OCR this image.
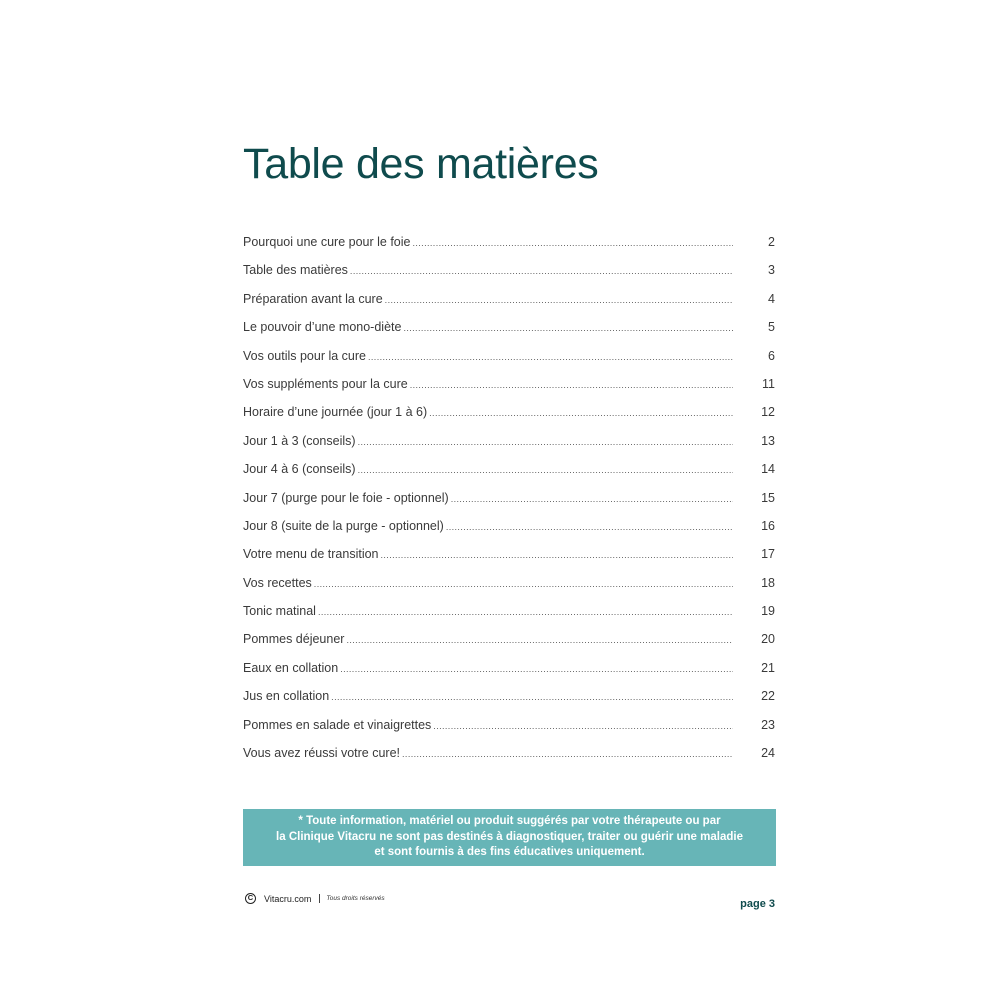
Table des matières
Pourquoi une cure pour le foie .....	2
Table des matières .....	3
Préparation avant la cure .....	4
Le pouvoir d’une mono-diète .....	5
Vos outils pour la cure .....	6
Vos suppléments pour la cure .....	11
Horaire d’une journée (jour 1 à 6) .....	12
Jour 1 à 3 (conseils) .....	13
Jour 4 à 6 (conseils) .....	14
Jour 7 (purge pour le foie - optionnel) .....	15
Jour 8 (suite de la purge - optionnel) .....	16
Votre menu de transition .....	17
Vos recettes .....	18
Tonic matinal .....	19
Pommes déjeuner .....	20
Eaux en collation .....	21
Jus en collation .....	22
Pommes en salade et vinaigrettes .....	23
Vous avez réussi votre cure! .....	24
* Toute information, matériel ou produit suggérés par votre thérapeute ou par
la Clinique Vitacru ne sont pas destinés à diagnostiquer, traiter ou guérir une maladie
et sont fournis à des fins éducatives uniquement.
C	Vitacru.com Tous droits réservés	page 3
